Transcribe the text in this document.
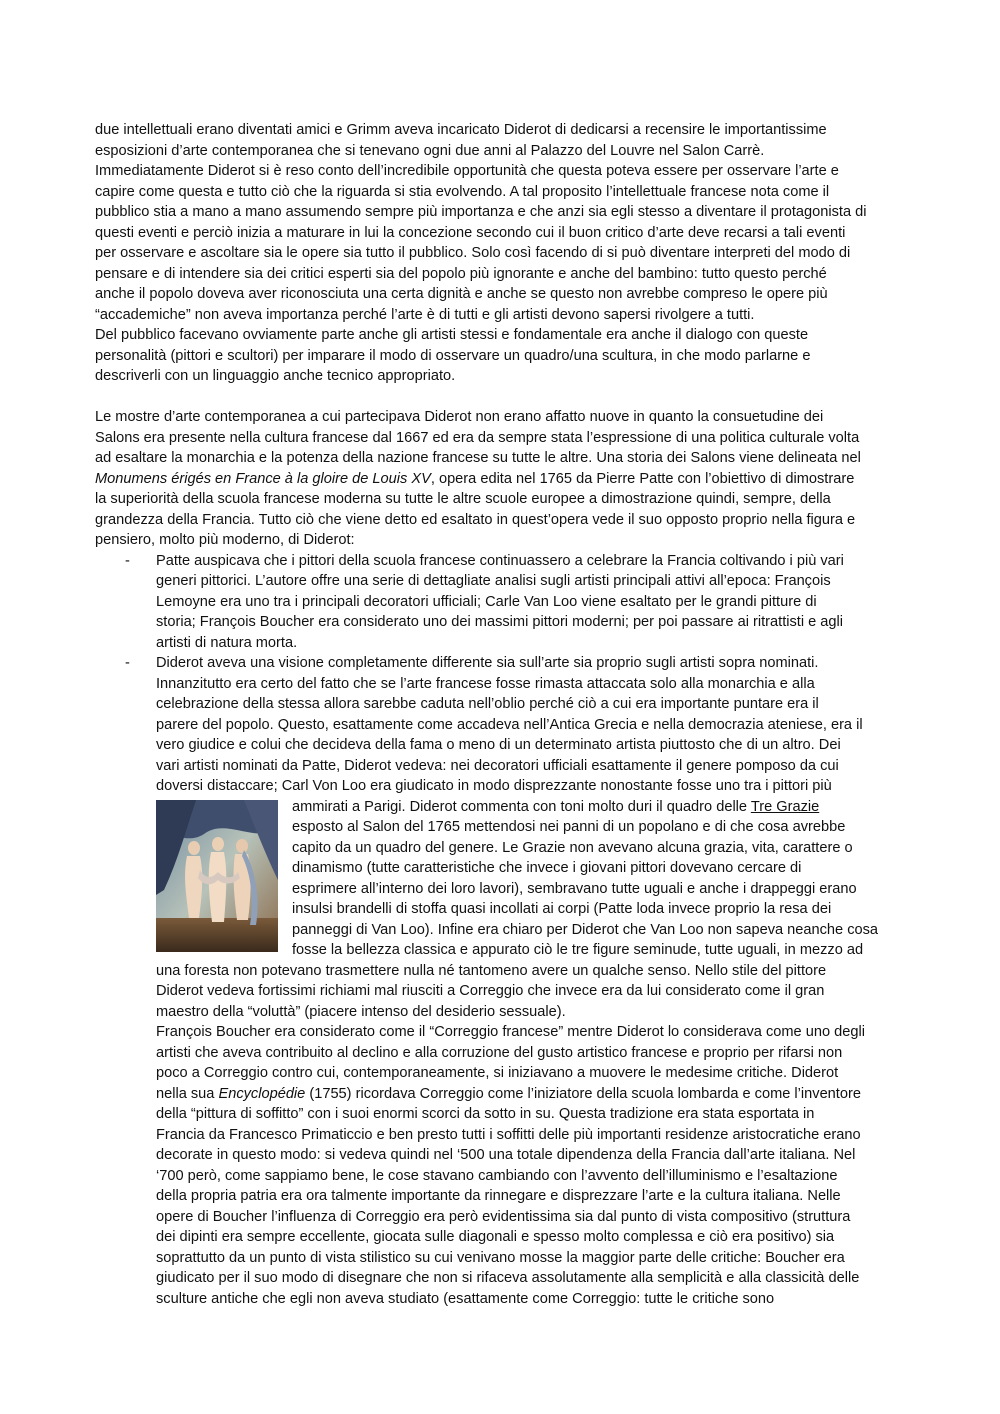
due intellettuali erano diventati amici e Grimm aveva incaricato Diderot di dedicarsi a recensire le importantissime

esposizioni d’arte contemporanea che si tenevano ogni due anni al Palazzo del Louvre nel Salon Carrè.

Immediatamente Diderot si è reso conto dell’incredibile opportunità che questa poteva essere per osservare l’arte e

capire come questa e tutto ciò che la riguarda si stia evolvendo. A tal proposito l’intellettuale francese nota come il

pubblico stia a mano a mano assumendo sempre più importanza e che anzi sia egli stesso a diventare il protagonista di

questi eventi e perciò inizia a maturare in lui la concezione secondo cui il buon critico d’arte deve recarsi a tali eventi

per osservare e ascoltare sia le opere sia tutto il pubblico. Solo così facendo di si può diventare interpreti del modo di

pensare e di intendere sia dei critici esperti sia del popolo più ignorante e anche del bambino: tutto questo perché

anche il popolo doveva aver riconosciuta una certa dignità e anche se questo non avrebbe compreso le opere più

“accademiche” non aveva importanza perché l’arte è di tutti e gli artisti devono sapersi rivolgere a tutti.

Del pubblico facevano ovviamente parte anche gli artisti stessi e fondamentale era anche il dialogo con queste

personalità (pittori e scultori) per imparare il modo di osservare un quadro/una scultura, in che modo parlarne e

descriverli con un linguaggio anche tecnico appropriato.

Le mostre d’arte contemporanea a cui partecipava Diderot non erano affatto nuove in quanto la consuetudine dei

Salons era presente nella cultura francese dal 1667 ed era da sempre stata l’espressione di una politica culturale volta

ad esaltare la monarchia e la potenza della nazione francese su tutte le altre. Una storia dei Salons viene delineata nel

Monumens érigés en France à la gloire de Louis XV, opera edita nel 1765 da Pierre Patte con l’obiettivo di dimostrare

la superiorità della scuola francese moderna su tutte le altre scuole europee a dimostrazione quindi, sempre, della

grandezza della Francia. Tutto ciò che viene detto ed esaltato in quest’opera vede il suo opposto proprio nella figura e

pensiero, molto più moderno, di Diderot:

- Patte auspicava che i pittori della scuola francese continuassero a celebrare la Francia coltivando i più vari

generi pittorici. L’autore offre una serie di dettagliate analisi sugli artisti principali attivi all’epoca: François

Lemoyne era uno tra i principali decoratori ufficiali; Carle Van Loo viene esaltato per le grandi pitture di

storia; François Boucher era considerato uno dei massimi pittori moderni; per poi passare ai ritrattisti e agli

artisti di natura morta.

- Diderot aveva una visione completamente differente sia sull’arte sia proprio sugli artisti sopra nominati.

Innanzitutto era certo del fatto che se l’arte francese fosse rimasta attaccata solo alla monarchia e alla

celebrazione della stessa allora sarebbe caduta nell’oblio perché ciò a cui era importante puntare era il

parere del popolo. Questo, esattamente come accadeva nell’Antica Grecia e nella democrazia ateniese, era il

vero giudice e colui che decideva della fama o meno di un determinato artista piuttosto che di un altro. Dei

vari artisti nominati da Patte, Diderot vedeva: nei decoratori ufficiali esattamente il genere pomposo da cui

doversi distaccare; Carl Von Loo era giudicato in modo disprezzante nonostante fosse uno tra i pittori più

ammirati a Parigi. Diderot commenta con toni molto duri il quadro delle Tre Grazie

esposto al Salon del 1765 mettendosi nei panni di un popolano e di che cosa avrebbe

capito da un quadro del genere. Le Grazie non avevano alcuna grazia, vita, carattere o

dinamismo (tutte caratteristiche che invece i giovani pittori dovevano cercare di

esprimere all’interno dei loro lavori), sembravano tutte uguali e anche i drappeggi erano

insulsi brandelli di stoffa quasi incollati ai corpi (Patte loda invece proprio la resa dei

panneggi di Van Loo). Infine era chiaro per Diderot che Van Loo non sapeva neanche cosa

fosse la bellezza classica e appurato ciò le tre figure seminude, tutte uguali, in mezzo ad

una foresta non potevano trasmettere nulla né tantomeno avere un qualche senso. Nello stile del pittore

Diderot vedeva fortissimi richiami mal riusciti a Correggio che invece era da lui considerato come il gran

maestro della “voluttà” (piacere intenso del desiderio sessuale).

François Boucher era considerato come il “Correggio francese” mentre Diderot lo considerava come uno degli

artisti che aveva contribuito al declino e alla corruzione del gusto artistico francese e proprio per rifarsi non

poco a Correggio contro cui, contemporaneamente, si iniziavano a muovere le medesime critiche. Diderot

nella sua Encyclopédie (1755) ricordava Correggio come l’iniziatore della scuola lombarda e come l’inventore

della “pittura di soffitto” con i suoi enormi scorci da sotto in su. Questa tradizione era stata esportata in

Francia da Francesco Primaticcio e ben presto tutti i soffitti delle più importanti residenze aristocratiche erano

decorate in questo modo: si vedeva quindi nel ‘500 una totale dipendenza della Francia dall’arte italiana. Nel

‘700 però, come sappiamo bene, le cose stavano cambiando con l’avvento dell’illuminismo e l’esaltazione

della propria patria era ora talmente importante da rinnegare e disprezzare l’arte e la cultura italiana. Nelle

opere di Boucher l’influenza di Correggio era però evidentissima sia dal punto di vista compositivo (struttura

dei dipinti era sempre eccellente, giocata sulle diagonali e spesso molto complessa e ciò era positivo) sia

soprattutto da un punto di vista stilistico su cui venivano mosse la maggior parte delle critiche: Boucher era

giudicato per il suo modo di disegnare che non si rifaceva assolutamente alla semplicità e alla classicità delle

sculture antiche che egli non aveva studiato (esattamente come Correggio: tutte le critiche sono
